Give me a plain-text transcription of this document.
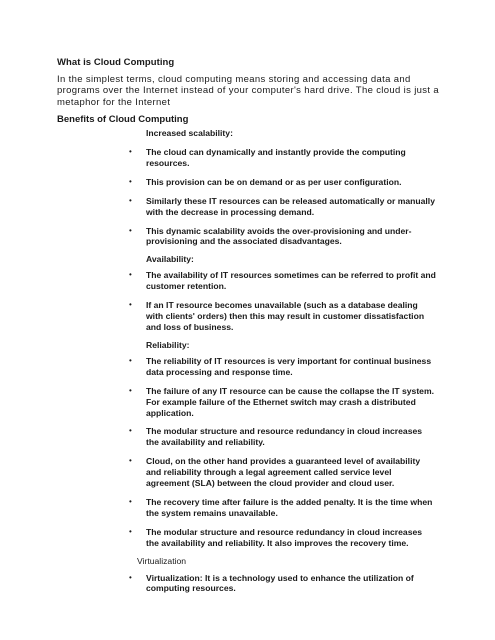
What is Cloud Computing
In the simplest terms, cloud computing means storing and accessing data and programs over the Internet instead of your computer's hard drive. The cloud is just a metaphor for the Internet
Benefits of Cloud Computing
Increased scalability:
• The cloud can dynamically and instantly provide the computing resources.
• This provision can be on demand or as per user configuration.
• Similarly these IT resources can be released automatically or manually with the decrease in processing demand.
• This dynamic scalability avoids the over-provisioning and under-provisioning and the associated disadvantages.
Availability:
• The availability of IT resources sometimes can be referred to profit and customer retention.
• If an IT resource becomes unavailable (such as a database dealing with clients' orders) then this may result in customer dissatisfaction and loss of business.
Reliability:
• The reliability of IT resources is very important for continual business data processing and response time.
• The failure of any IT resource can be cause the collapse the IT system. For example failure of the Ethernet switch may crash a distributed application.
• The modular structure and resource redundancy in cloud increases the availability and reliability.
• Cloud, on the other hand provides a guaranteed level of availability and reliability through a legal agreement called service level agreement (SLA) between the cloud provider and cloud user.
• The recovery time after failure is the added penalty. It is the time when the system remains unavailable.
• The modular structure and resource redundancy in cloud increases the availability and reliability. It also improves the recovery time.
Virtualization
• Virtualization: It is a technology used to enhance the utilization of computing resources.
